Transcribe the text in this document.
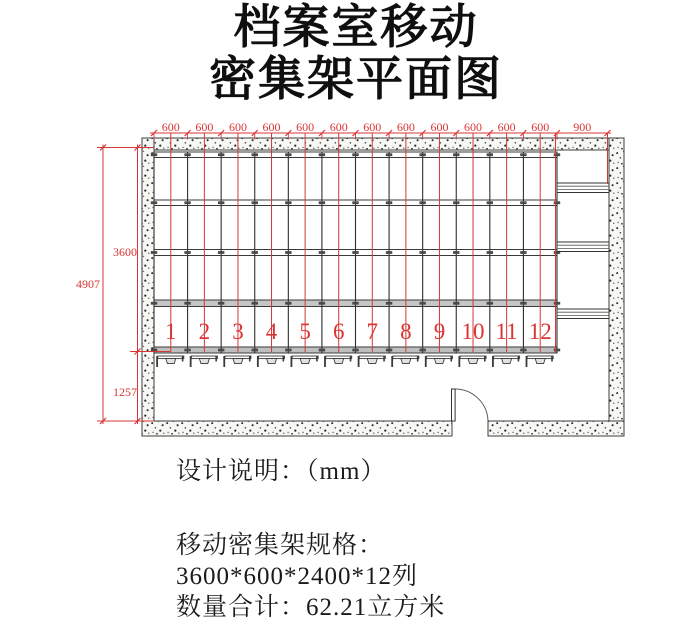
档案室移动
密集架平面图
600 600 600 600 600 600 600 600 600 600 600 600 900
4907
3600
1257
1 2 3 4 5 6 7 8 9 10 11 12
设计说明：（mm）
移动密集架规格：
3600*600*2400*12列
数量合计：62.21立方米
